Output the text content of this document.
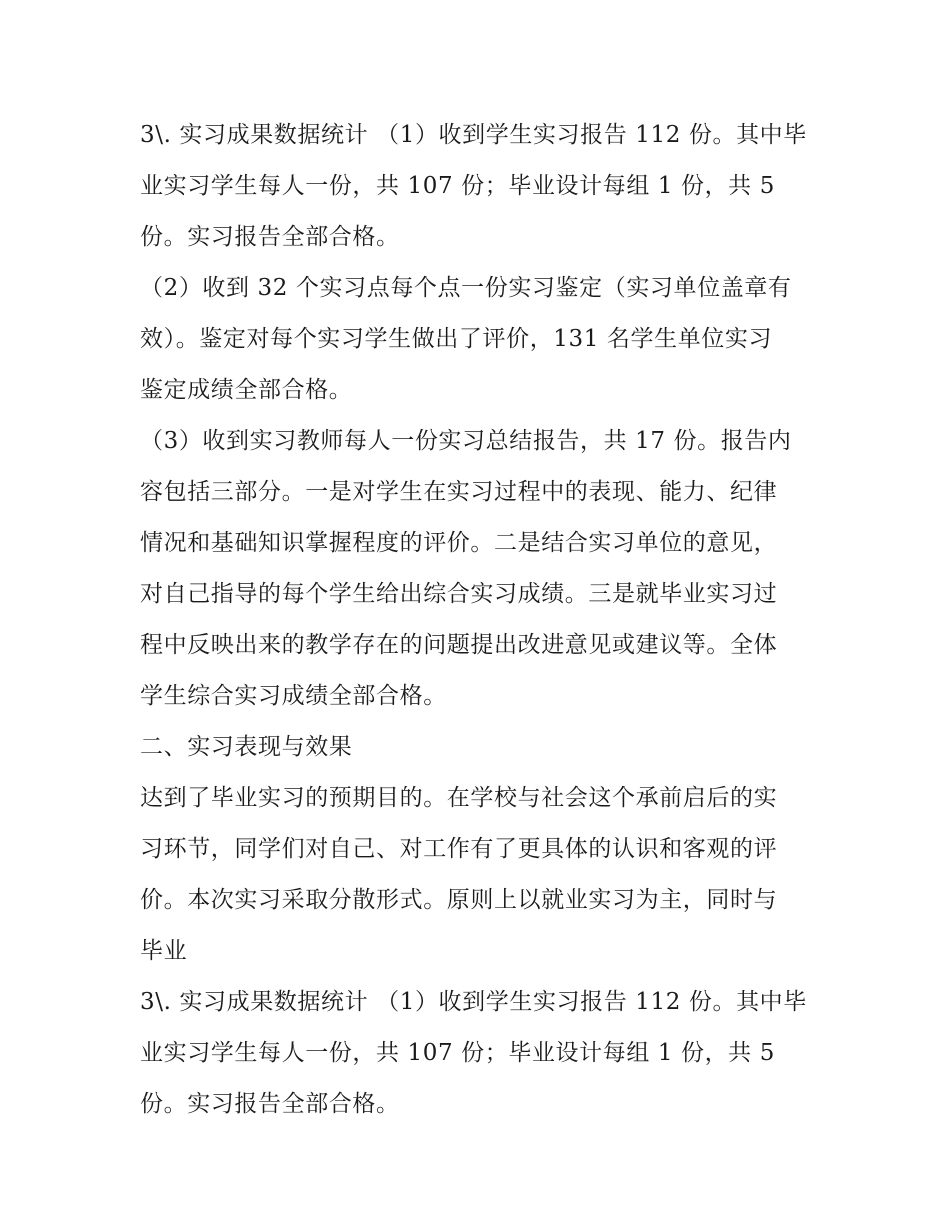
3\. 实习成果数据统计 （1）收到学生实习报告 112 份。其中毕
业实习学生每人一份，共 107 份；毕业设计每组 1 份，共 5
份。实习报告全部合格。
（2）收到 32 个实习点每个点一份实习鉴定（实习单位盖章有
效）。鉴定对每个实习学生做出了评价，131 名学生单位实习
鉴定成绩全部合格。
（3）收到实习教师每人一份实习总结报告，共 17 份。报告内
容包括三部分。一是对学生在实习过程中的表现、能力、纪律
情况和基础知识掌握程度的评价。二是结合实习单位的意见，
对自己指导的每个学生给出综合实习成绩。三是就毕业实习过
程中反映出来的教学存在的问题提出改进意见或建议等。全体
学生综合实习成绩全部合格。
二、实习表现与效果
达到了毕业实习的预期目的。在学校与社会这个承前启后的实
习环节，同学们对自己、对工作有了更具体的认识和客观的评
价。本次实习采取分散形式。原则上以就业实习为主，同时与
毕业
3\. 实习成果数据统计 （1）收到学生实习报告 112 份。其中毕
业实习学生每人一份，共 107 份；毕业设计每组 1 份，共 5
份。实习报告全部合格。
